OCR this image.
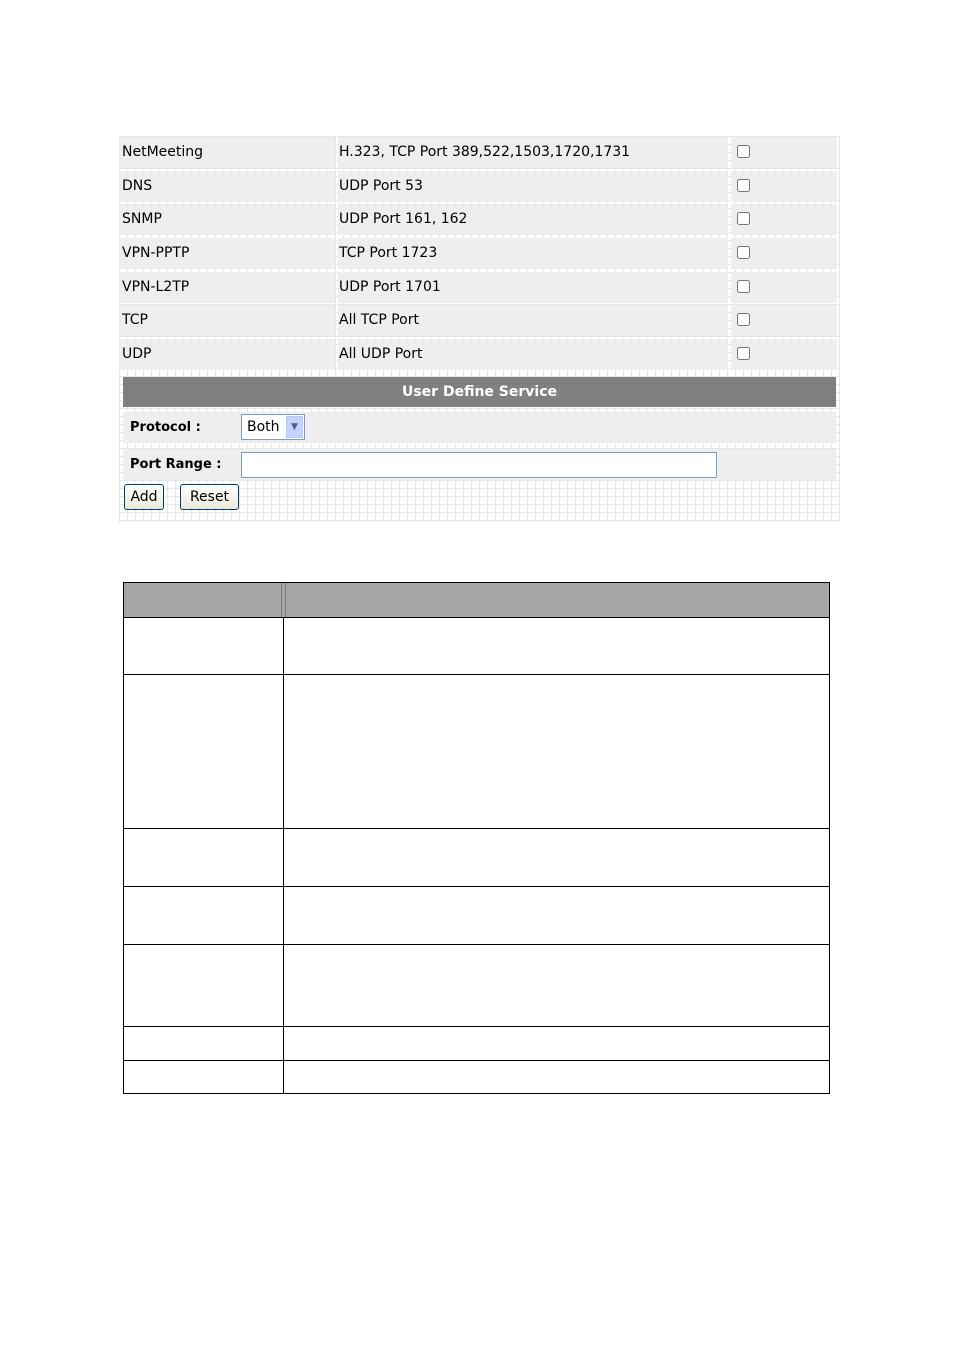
NetMeeting	H.323, TCP Port 389,522,1503,1720,1731
DNS	UDP Port 53
SNMP	UDP Port 161, 162
VPN-PPTP	TCP Port 1723
VPN-L2TP	UDP Port 1701
TCP	All TCP Port
UDP	All UDP Port
User Define Service
Protocol :	Both	▼
Port Range :
Add	Reset
